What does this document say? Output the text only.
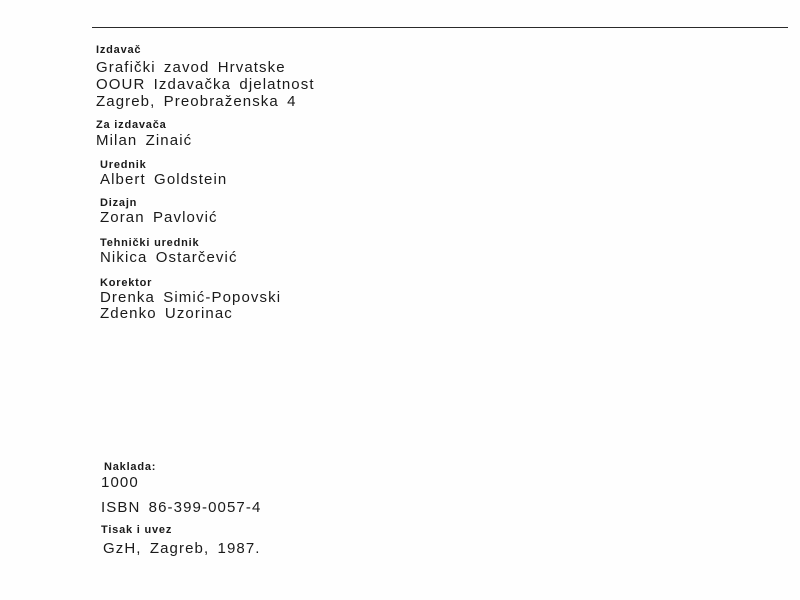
Izdavač
Grafički zavod Hrvatske
OOUR Izdavačka djelatnost
Zagreb, Preobraženska 4
Za izdavača
Milan Zinaić
Urednik
Albert Goldstein
Dizajn
Zoran Pavlović
Tehnički urednik
Nikica Ostarčević
Korektor
Drenka Simić-Popovski
Zdenko Uzorinac
Naklada:
1000
ISBN 86-399-0057-4
Tisak i uvez
GzH, Zagreb, 1987.
